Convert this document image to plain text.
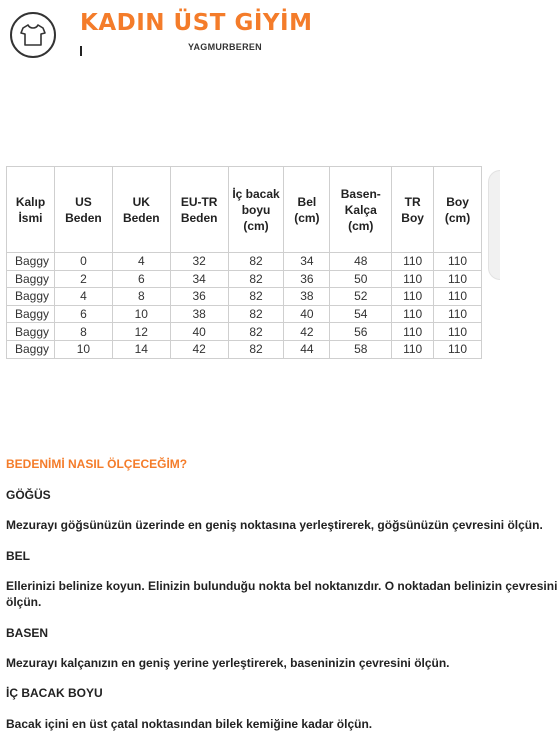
KADIN ÜST GİYİM
YAGMURBEREN
Kalıp İsmi	US Beden	UK Beden	EU-TR Beden	İç bacak boyu (cm)	Bel (cm)	Basen-Kalça (cm)	TR Boy	Boy (cm)
Baggy	0	4	32	82	34	48	110	110
Baggy	2	6	34	82	36	50	110	110
Baggy	4	8	36	82	38	52	110	110
Baggy	6	10	38	82	40	54	110	110
Baggy	8	12	40	82	42	56	110	110
Baggy	10	14	42	82	44	58	110	110
BEDENİMİ NASIL ÖLÇECEĞİM?
GÖĞÜS
Mezurayı göğsünüzün üzerinde en geniş noktasına yerleştirerek, göğsünüzün çevresini ölçün.
BEL
Ellerinizi belinize koyun. Elinizin bulunduğu nokta bel noktanızdır. O noktadan belinizin çevresini
ölçün.
BASEN
Mezurayı kalçanızın en geniş yerine yerleştirerek, baseninizin çevresini ölçün.
İÇ BACAK BOYU
Bacak içini en üst çatal noktasından bilek kemiğine kadar ölçün.
